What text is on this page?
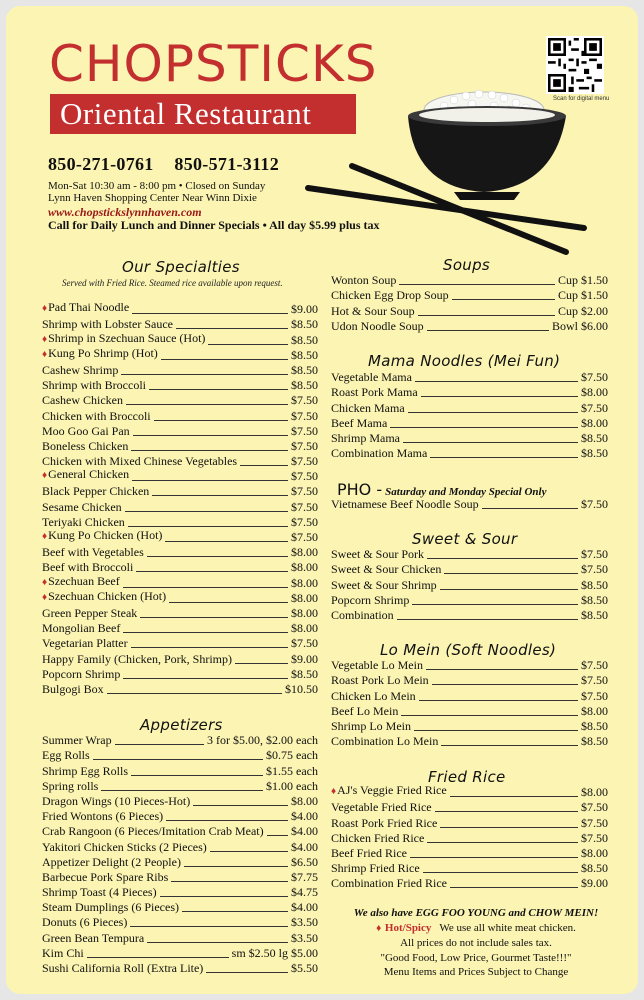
CHOPSTICKS
Oriental Restaurant
850-271-0761 850-571-3112
Mon-Sat 10:30 am - 8:00 pm • Closed on Sunday
Lynn Haven Shopping Center Near Winn Dixie
www.chopstickslynnhaven.com
Call for Daily Lunch and Dinner Specials • All day $5.99 plus tax
Scan for digital menu
Our Specialties
Served with Fried Rice. Steamed rice available upon request.
♦Pad Thai Noodle	$9.00
Shrimp with Lobster Sauce	$8.50
♦Shrimp in Szechuan Sauce (Hot)	$8.50
♦Kung Po Shrimp (Hot)	$8.50
Cashew Shrimp	$8.50
Shrimp with Broccoli	$8.50
Cashew Chicken	$7.50
Chicken with Broccoli	$7.50
Moo Goo Gai Pan	$7.50
Boneless Chicken	$7.50
Chicken with Mixed Chinese Vegetables	$7.50
♦General Chicken	$7.50
Black Pepper Chicken	$7.50
Sesame Chicken	$7.50
Teriyaki Chicken	$7.50
♦Kung Po Chicken (Hot)	$7.50
Beef with Vegetables	$8.00
Beef with Broccoli	$8.00
♦Szechuan Beef	$8.00
♦Szechuan Chicken (Hot)	$8.00
Green Pepper Steak	$8.00
Mongolian Beef	$8.00
Vegetarian Platter	$7.50
Happy Family (Chicken, Pork, Shrimp)	$9.00
Popcorn Shrimp	$8.50
Bulgogi Box	$10.50
Appetizers
Summer Wrap	3 for $5.00, $2.00 each
Egg Rolls	$0.75 each
Shrimp Egg Rolls	$1.55 each
Spring rolls	$1.00 each
Dragon Wings (10 Pieces-Hot)	$8.00
Fried Wontons (6 Pieces)	$4.00
Crab Rangoon (6 Pieces/Imitation Crab Meat) $4.00
Yakitori Chicken Sticks (2 Pieces)	$4.00
Appetizer Delight (2 People)	$6.50
Barbecue Pork Spare Ribs	$7.75
Shrimp Toast (4 Pieces)	$4.75
Steam Dumplings (6 Pieces)	$4.00
Donuts (6 Pieces)	$3.50
Green Bean Tempura	$3.50
Kim Chi	sm $2.50 lg $5.00
Sushi California Roll (Extra Lite)	$5.50
Soups
Wonton Soup	Cup $1.50
Chicken Egg Drop Soup	Cup $1.50
Hot & Sour Soup	Cup $2.00
Udon Noodle Soup	Bowl $6.00
Mama Noodles (Mei Fun)
Vegetable Mama	$7.50
Roast Pork Mama	$8.00
Chicken Mama	$7.50
Beef Mama	$8.00
Shrimp Mama	$8.50
Combination Mama	$8.50
PHO - Saturday and Monday Special Only
Vietnamese Beef Noodle Soup	$7.50
Sweet & Sour
Sweet & Sour Pork	$7.50
Sweet & Sour Chicken	$7.50
Sweet & Sour Shrimp	$8.50
Popcorn Shrimp	$8.50
Combination	$8.50
Lo Mein (Soft Noodles)
Vegetable Lo Mein	$7.50
Roast Pork Lo Mein	$7.50
Chicken Lo Mein	$7.50
Beef Lo Mein	$8.00
Shrimp Lo Mein	$8.50
Combination Lo Mein	$8.50
Fried Rice
♦AJ's Veggie Fried Rice	$8.00
Vegetable Fried Rice	$7.50
Roast Pork Fried Rice	$7.50
Chicken Fried Rice	$7.50
Beef Fried Rice	$8.00
Shrimp Fried Rice	$8.50
Combination Fried Rice	$9.00
We also have EGG FOO YOUNG and CHOW MEIN!
♦ Hot/Spicy We use all white meat chicken.
All prices do not include sales tax.
"Good Food, Low Price, Gourmet Taste!!!"
Menu Items and Prices Subject to Change
